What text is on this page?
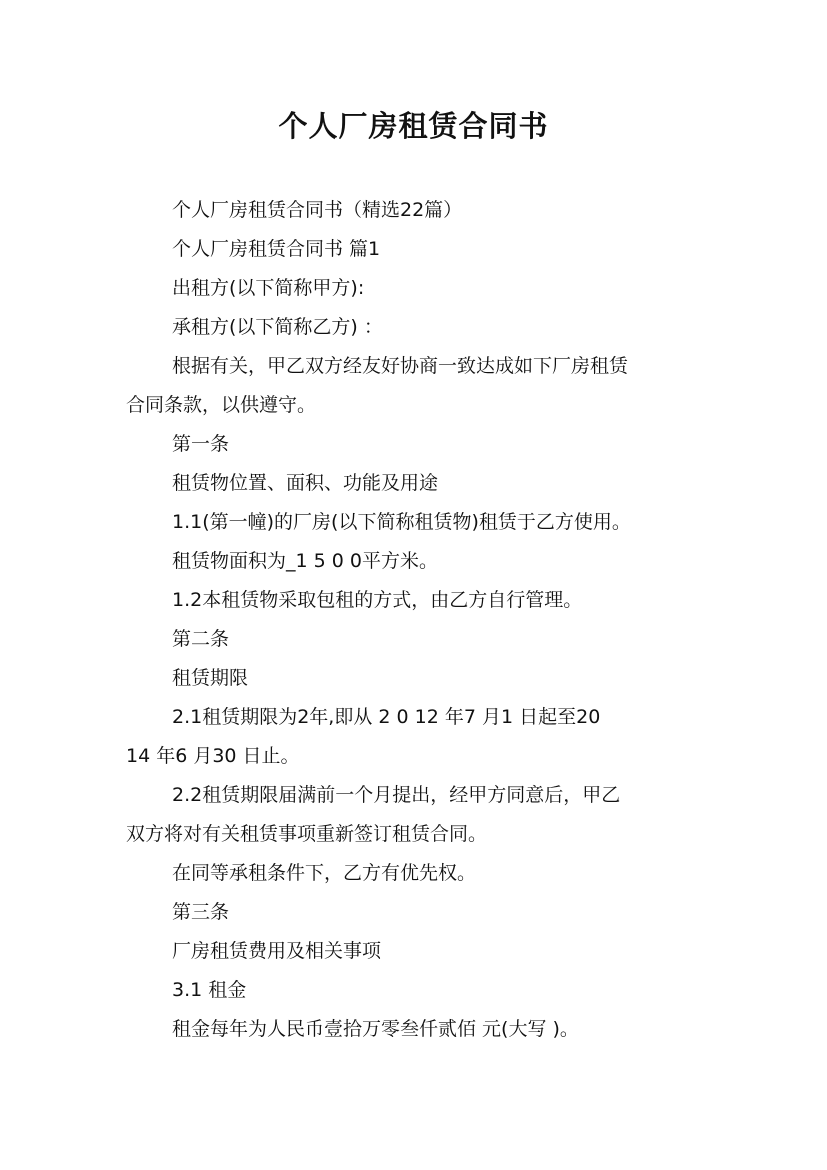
个人厂房租赁合同书
个人厂房租赁合同书（精选22篇）
个人厂房租赁合同书 篇1
出租方(以下简称甲方):
承租方(以下简称乙方) ：
根据有关，甲乙双方经友好协商一致达成如下厂房租赁
合同条款，以供遵守。
第一条
租赁物位置、面积、功能及用途
1.1(第一幢)的厂房(以下简称租赁物)租赁于乙方使用。
租赁物面积为_1 5 0 0平方米。
1.2本租赁物采取包租的方式，由乙方自行管理。
第二条
租赁期限
2.1租赁期限为2年,即从 2 0 12 年7 月1 日起至20
14 年6 月30 日止。
2.2租赁期限届满前一个月提出，经甲方同意后，甲乙
双方将对有关租赁事项重新签订租赁合同。
在同等承租条件下，乙方有优先权。
第三条
厂房租赁费用及相关事项
3.1 租金
租金每年为人民币壹拾万零叁仟贰佰 元(大写 )。
